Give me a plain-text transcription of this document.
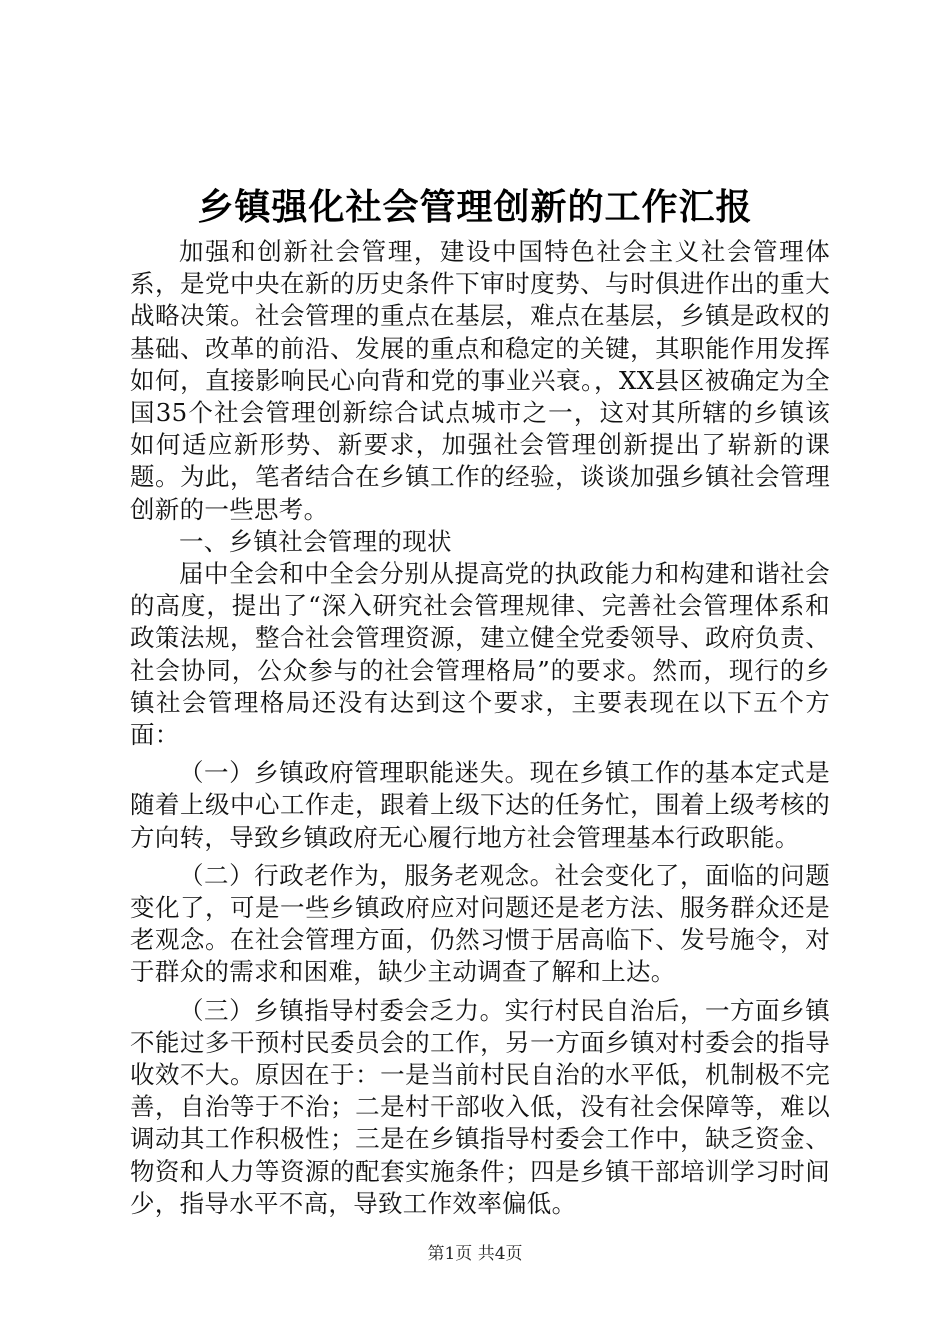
乡镇强化社会管理创新的工作汇报

加强和创新社会管理，建设中国特色社会主义社会管理体系，是党中央在新的历史条件下审时度势、与时俱进作出的重大战略决策。社会管理的重点在基层，难点在基层，乡镇是政权的基础、改革的前沿、发展的重点和稳定的关键，其职能作用发挥如何，直接影响民心向背和党的事业兴衰。，XX县区被确定为全国35个社会管理创新综合试点城市之一，这对其所辖的乡镇该如何适应新形势、新要求，加强社会管理创新提出了崭新的课题。为此，笔者结合在乡镇工作的经验，谈谈加强乡镇社会管理创新的一些思考。

一、乡镇社会管理的现状

届中全会和中全会分别从提高党的执政能力和构建和谐社会的高度，提出了“深入研究社会管理规律、完善社会管理体系和政策法规，整合社会管理资源，建立健全党委领导、政府负责、社会协同，公众参与的社会管理格局”的要求。然而，现行的乡镇社会管理格局还没有达到这个要求，主要表现在以下五个方面：

（一）乡镇政府管理职能迷失。现在乡镇工作的基本定式是随着上级中心工作走，跟着上级下达的任务忙，围着上级考核的方向转，导致乡镇政府无心履行地方社会管理基本行政职能。

（二）行政老作为，服务老观念。社会变化了，面临的问题变化了，可是一些乡镇政府应对问题还是老方法、服务群众还是老观念。在社会管理方面，仍然习惯于居高临下、发号施令，对于群众的需求和困难，缺少主动调查了解和上达。

（三）乡镇指导村委会乏力。实行村民自治后，一方面乡镇不能过多干预村民委员会的工作，另一方面乡镇对村委会的指导收效不大。原因在于：一是当前村民自治的水平低，机制极不完善，自治等于不治；二是村干部收入低，没有社会保障等，难以调动其工作积极性；三是在乡镇指导村委会工作中，缺乏资金、物资和人力等资源的配套实施条件；四是乡镇干部培训学习时间少，指导水平不高，导致工作效率偏低。

第1页 共4页
